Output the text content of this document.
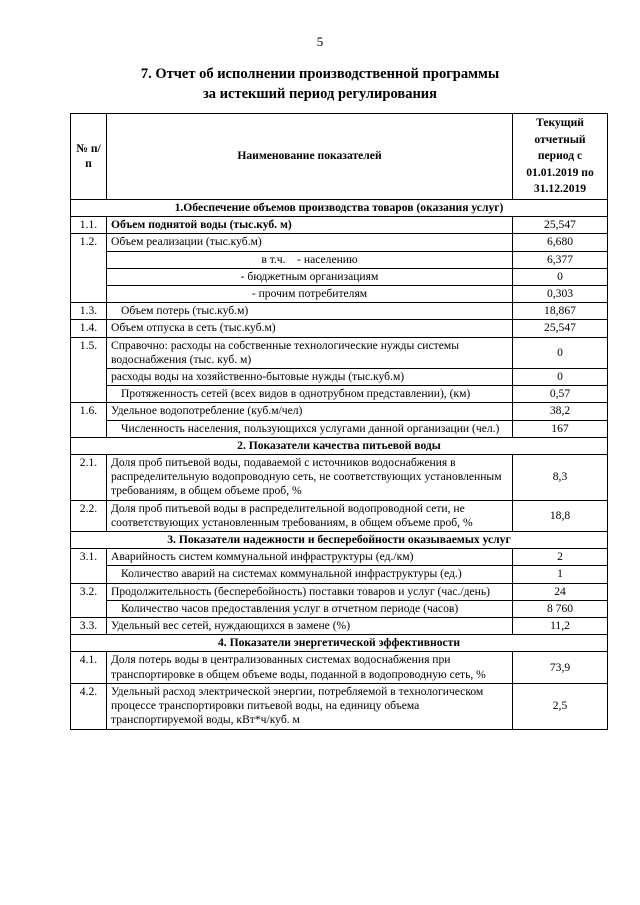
5
7. Отчет об исполнении производственной программы
за истекший период регулирования
№ п/п	Наименование показателей	Текущий отчетный период с 01.01.2019 по 31.12.2019
1.Обеспечение объемов производства товаров (оказания услуг)		
1.1.	Объем поднятой воды (тыс.куб. м)	25,547
1.2.	Объем реализации (тыс.куб.м)	6,680
	в т.ч.    - населению	6,377
	- бюджетным организациям	0
	- прочим потребителям	0,303
1.3.	Объем потерь (тыс.куб.м)	18,867
1.4.	Объем отпуска в сеть (тыс.куб.м)	25,547
1.5.	Справочно: расходы на собственные технологические нужды системы водоснабжения (тыс. куб. м)	0
	расходы воды на хозяйственно-бытовые нужды (тыс.куб.м)	0
	Протяженность сетей (всех видов в однотрубном представлении), (км)	0,57
1.6.	Удельное водопотребление (куб.м/чел)	38,2
	Численность населения, пользующихся услугами данной организации (чел.)	167
2. Показатели качества питьевой воды		
2.1.	Доля проб питьевой воды, подаваемой с источников водоснабжения в распределительную водопроводную сеть, не соответствующих установленным требованиям, в общем объеме проб, %	8,3
2.2.	Доля проб питьевой воды в распределительной водопроводной сети, не соответствующих установленным требованиям, в общем объеме проб, %	18,8
3. Показатели надежности и бесперебойности оказываемых услуг		
3.1.	Аварийность систем коммунальной инфраструктуры (ед./км)	2
	Количество аварий на системах коммунальной инфраструктуры (ед.)	1
3.2.	Продолжительность (бесперебойность) поставки товаров и услуг (час./день)	24
	Количество часов предоставления услуг в отчетном периоде (часов)	8 760
3.3.	Удельный вес сетей, нуждающихся в замене (%)	11,2
4. Показатели энергетической эффективности		
4.1.	Доля потерь воды в централизованных системах водоснабжения при транспортировке в общем объеме воды, поданной в водопроводную сеть, %	73,9
4.2.	Удельный расход электрической энергии, потребляемой в технологическом процессе транспортировки питьевой воды, на единицу объема транспортируемой воды, кВт*ч/куб. м	2,5
